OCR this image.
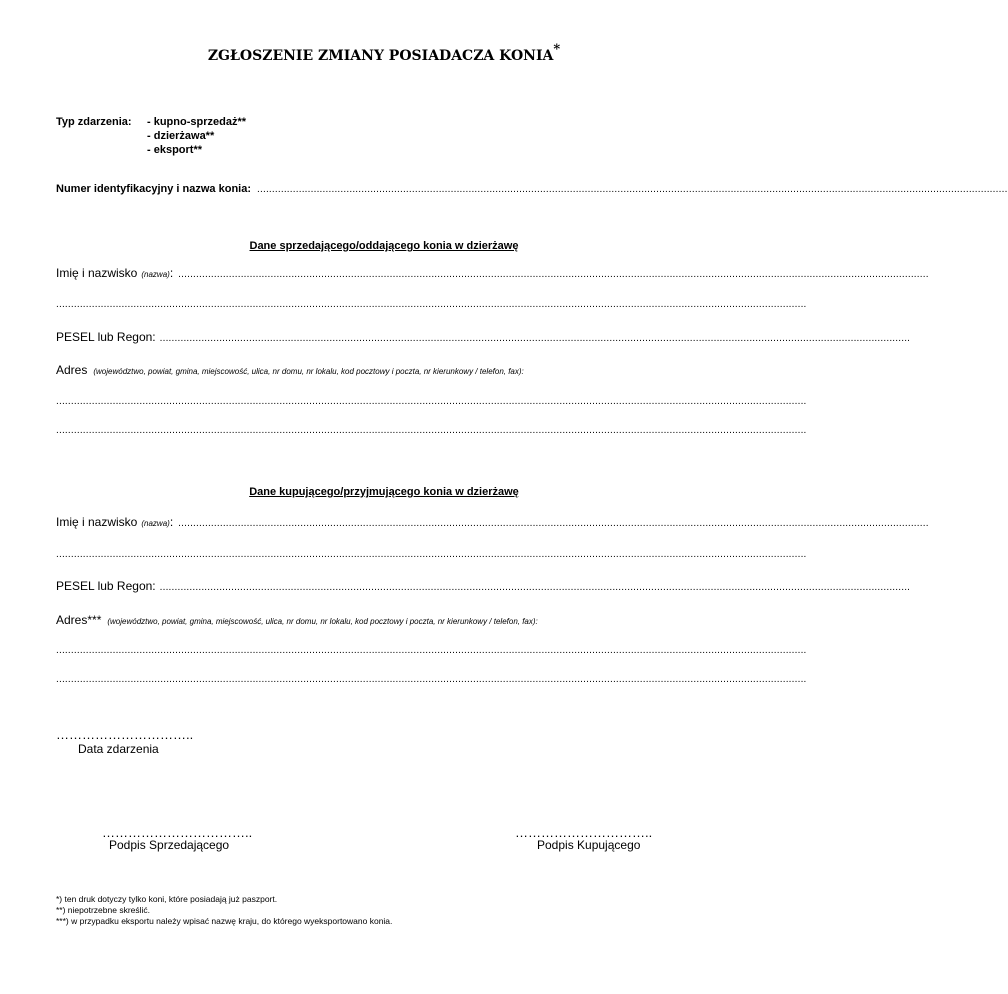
ZGŁOSZENIE ZMIANY POSIADACZA KONIA*
Typ zdarzenia: - kupno-sprzedaż**
- dzierżawa**
- eksport**
Numer identyfikacyjny i nazwa konia: ............................................................................................................................................................................................................................................................
Dane sprzedającego/oddającego konia w dzierżawę
Imię i nazwisko (nazwa) : ............................................................................................................................................................................................................................................................
............................................................................................................................................................................................................................................................
PESEL lub Regon: ............................................................................................................................................................................................................................................................
Adres (województwo, powiat, gmina, miejscowość, ulica, nr domu, nr lokalu, kod pocztowy i poczta, nr kierunkowy / telefon, fax):
............................................................................................................................................................................................................................................................
............................................................................................................................................................................................................................................................
Dane kupującego/przyjmującego konia w dzierżawę
Imię i nazwisko (nazwa) : ............................................................................................................................................................................................................................................................
............................................................................................................................................................................................................................................................
PESEL lub Regon: ............................................................................................................................................................................................................................................................
Adres*** (województwo, powiat, gmina, miejscowość, ulica, nr domu, nr lokalu, kod pocztowy i poczta, nr kierunkowy / telefon, fax):
............................................................................................................................................................................................................................................................
............................................................................................................................................................................................................................................................
…………………………..
Data zdarzenia
……………………………..
Podpis Sprzedającego
…………………………..
Podpis Kupującego
*) ten druk dotyczy tylko koni, które posiadają już paszport.
**) niepotrzebne skreślić.
***) w przypadku eksportu należy wpisać nazwę kraju, do którego wyeksportowano konia.
